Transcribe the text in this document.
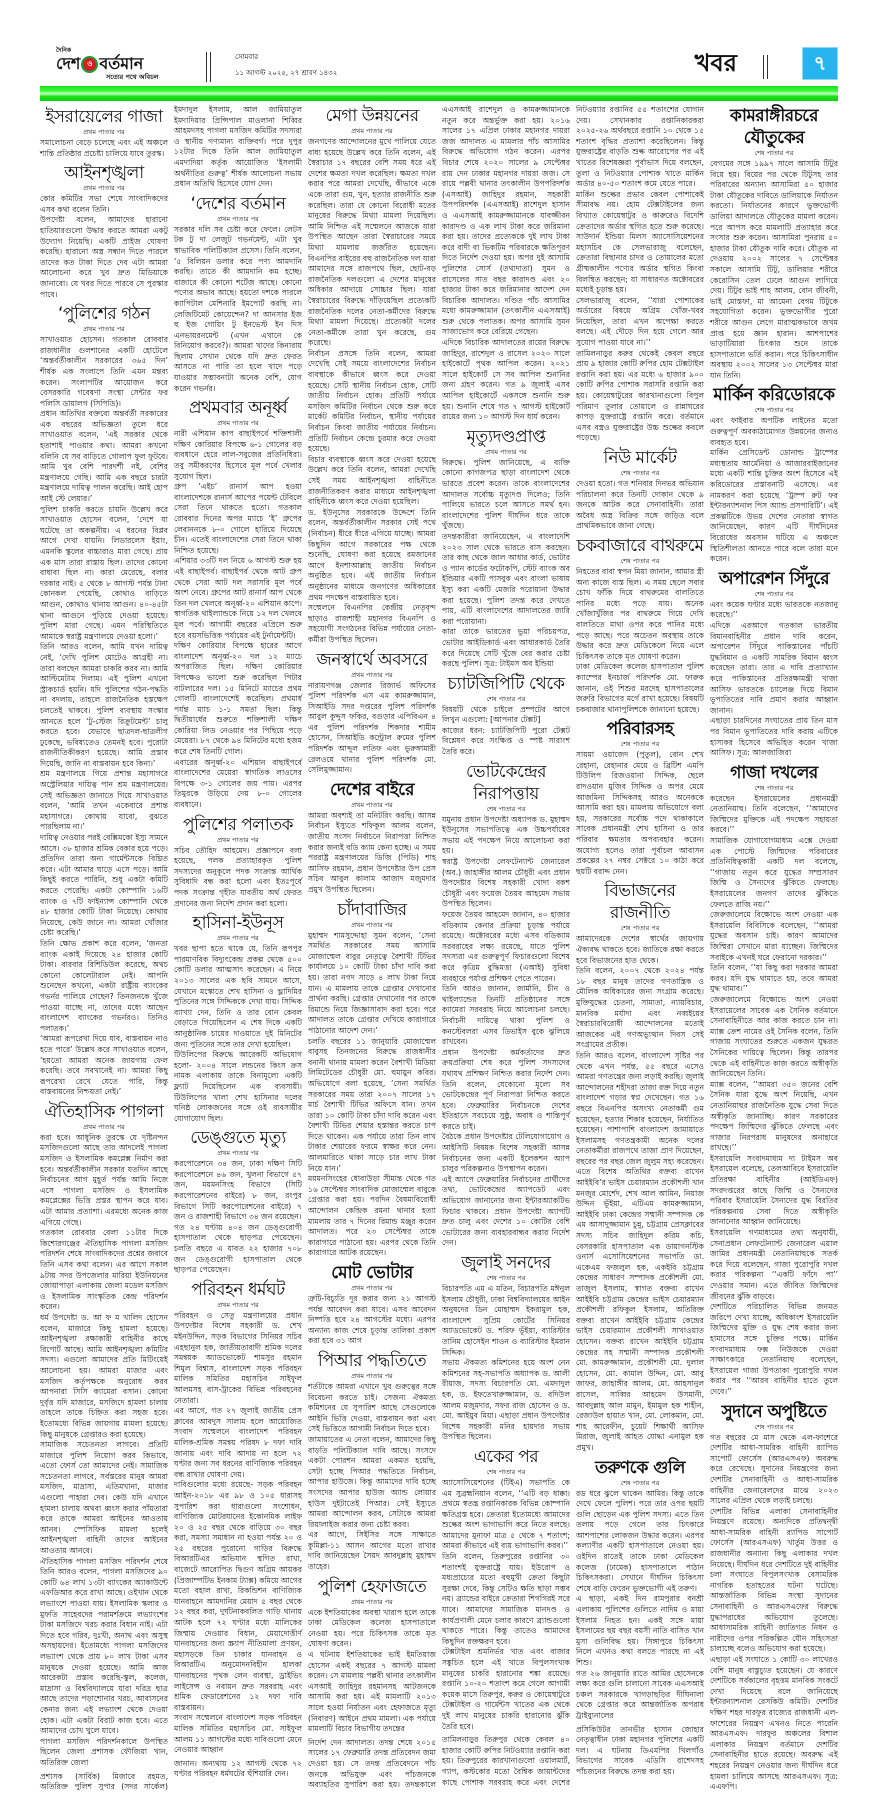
দৈনিক
দেশ ও বর্তমান
সত্যের পথে অবিচল
সোমবার
১১ আগস্ট ২০২৫, ২৭ শ্রাবণ ১৪৩২	খবর	৭
ইসরায়েলের গাজা
প্রথম পাতার পর

সমালোচনা বেড়ে চলেছে এবং এই অঞ্চলে শান্তি প্রতিষ্ঠার প্রচেষ্টা চালিয়ে যাবে তুরস্ক।

আইনশৃঙ্খলা
প্রথম পাতার পর

কোর কমিটির সভা শেষে সাংবাদিকদের এসব কথা বলেন তিনি।
উপদেষ্টা বলেন, আমাদের হারানো হাতিয়ারগুলো উদ্ধার করতে আমরা একটু উদ্যোগ নিয়েছি। একটি প্রাইজ ঘোষণা করেছি। হারানো অস্ত্র সন্ধান দিতে পারলে তাদের কত টাকা দিতে দেব এটা আমরা আলোচনা করে খুব দ্রুত মিডিয়াকে জানাবো। যে খবর দিতে পারবে সে পুরস্কার পাবে।

‘পুলিশের গঠন
প্রথম পাতার পর

সাখাওয়াত হোসেন। গতকাল রোববার রাজধানীর গুলশানের একটি হোটেলে ‘অন্তর্বর্তীকালীন সরকারের ৩৬৫ দিন’ শীর্ষক এক সংলাপে তিনি এমন মন্তব্য করেন। সংলাপটির আয়োজন করে বেসরকারি গবেষণা সংস্থা সেন্টার ফর পলিসি ডায়ালগ (সিপিডি)।
প্রধান অতিথির বক্তব্যে অন্তর্বর্তী সরকারের এক বছরের অভিজ্ঞতা তুলে ধরে সাখাওয়াত বলেন, ‘এই সরকার থেকে হতাশাই পাওয়ার কথা। আমরা কখনো বলিনি যে সব বাড়িতে গোলাপ ফুল ফুটবে। আমি খুব বেশি পারদর্শী নই, বেশির মন্ত্রণালয়ে গেছি। আমি এক বছরে চারটা মন্ত্রণালয়ে দায়িত্ব পালন করেছি। আই হোপ আই স্টে লেয়ার।’
পুলিশ চাকরি করতে চায়নি উল্লেখ করে সাখাওয়াত হোসেন বলেন, ‘দেশে যা ঘটেছে তা অকল্পনীয়। এ ধরনের বিপ্লব আগে দেখা যায়নি। লিডারলেস ইয়াং, এমনকি স্কুলের বাচ্চারাও মারা গেছে। প্রায় এক মাস তারা রাস্তায় ছিল। তাদের কোনো বাধাবা ছিল না। কারা মেরেছে, বলার দরকার নাই। ৫ থেকে ৮ আগস্ট পর্যন্ত টানা কোনকল পেয়েছি, কোথাও বাড়িতে আগুন, কোথাও থানায় আগুন। ৪০-৪৫টা থানা আগুনে পুড়িয়ে দেওয়া হয়েছে। পুলিশ মারা গেছে। এমন পরিস্থিতিতে আমাকে স্বরাষ্ট্র মন্ত্রণালয়ে দেওয়া হলো।’
তিনি আরও বলেন, আমি যখন দায়িত্ব নেই, ‘দেখি পুলিশ মোটেও আগ্রহী না। তারা বলছেন আমরা চাকরি করব না। আমি আল্টিমেটাম দিলাম। এই পুলিশ এখনো স্ট্রাকচার্ড হয়নি। যদি পুলিশের গঠন-পদ্ধতি না বদলায়, তাহলে রাজনৈতিক হস্তক্ষেপ চলতেই থাকবে। পুলিশ ব্যবস্থায় সংস্কার আনতে হলে ‘টু-স্টেজ রিক্রুটমেন্ট’ চালু করতে হবে। যেভাবে ছাত্রদল-ছাত্রলীগ ঢুকেছে, ভবিষ্যতেও তেমনই হবে। পুরোটা রাজনীতিকীকরণ হয়েছে। আমি প্রস্তাব দিয়েছি, জানি না বাস্তবায়ন হবে কিনা।’
শ্রম মন্ত্রণালয়ে গিয়ে প্রশান্ত মহাসাগরে অস্ট্রেলিয়ার দায়িত্ব পান শ্রম মন্ত্রণালয়ের। সেই অভিজ্ঞতা জানাতে গিয়ে সাখাওয়াত বলেন, ‘আমি তখন একেবারে প্রশান্ত মহাসাগরে। কোথায় যাবো, বুঝতে পারছিলাম না।’
দায়িত্ব নেওয়ার পরই বেক্সিমকো ইস্যু সামনে আসে। ৩৮ হাজার শ্রমিক বেকার হয়ে পড়ে। প্রতিদিন তারা অন্য গার্মেন্টসকে বিঘ্নিত করে। এটা আমার ঘাড়ে এসে পড়ে। আমি কিছুই করতে পারিনি, শুধু একটা কমিটি করতে পেরেছি। একটা কোম্পানি ১৬টি ব্যাংক ও ৭টি ফাইন্যান্স কোম্পানি থেকে ৪৮ হাজার কোটি টাকা নিয়েছে। কোথায় নিয়েছে, কেউ জানে না। আমরা খোঁজার চেষ্টা করেছি।’
তিনি ক্ষোভ প্রকাশ করে বলেন, ‘জনতা ব্যাংক একাই দিয়েছে ২৪ হাজার কোটি টাকা। বারবার রিশিডিউল করেছে, অথচ কোনো কোলেটারাল নেই। আপনি শুনেছেন কখনো, একটা রাষ্ট্রীয় ব্যাংকের গভর্নর পালিয়ে গেছেন? তিনজনকে খুঁজে পাওয়া যাচ্ছে না, তাদের মধ্যে আছেন বাংলাদেশ ব্যাংকের গভর্নরও। তিনিও পলাতক।’
‘আমরা রূপরেখা দিয়ে যাব, বাস্তবায়ন নাও হতে পারে’ উল্লেখ করে সাখাওয়াত বলেন, ‘হয়তো আমরা অনেক জায়গায় ফেল করেছি। তবে সবখানেই না। আমরা কিছু রূপরেখা রেখে যেতে পারি, কিন্তু বাস্তবায়নের নিশ্চয়তা নেই।’

ঐতিহাসিক পাগলা
প্রথম পাতার পর

করা হবে। আধুনিক তুরস্কে যে দৃষ্টিনন্দন মসজিদগুলো আছে তার আদলেই পাগলা মসজিদ ও ইসলামিক কমপ্লেক্স নির্মাণ করা হবে। অন্তর্বর্তীকালীন সরকার যতদিন আছে নির্বাচনের আগ মুহূর্ত পর্যন্ত আমি নিজে এসে পাগলা মসজিদ ও ইসলামিক কমপ্লেক্সের ভিত্তি প্রস্তর স্থাপন করে যাব। এটা আমার প্রত্যাশা। এরমধ্যে অনেক কাজ এগিয়ে গেছে।
গতকাল রোববার বেলা ১১টার দিকে কিশোরগঞ্জের ঐতিহাসিক পাগলা মসজিদ পরিদর্শন শেষে সাংবাদিকদের প্রশ্নের জবাবে তিনি এসব কথা বলেন। এর আগে সকাল ৯টায় সদর উপজেলার মারিয়া ইউনিয়নের জোয়াপাড়া এলাকায় জেলা মডেল মসজিদ ও ইসলামিক সাংস্কৃতিক কেন্দ্র পরিদর্শন করেন।
ধর্ম উপদেষ্টা ড. আ ফ ম খালিদ হোসেন বলেন, মাজারে কিছু হামলা হয়েছে। আইনশৃঙ্খলা রক্ষাকারী বাহিনীর কাছে রিপোর্ট আছে। আমি আইনশৃঙ্খলা কমিটির সদস্য। এগুলো আমাদের প্রতি মিটিংয়েই আলোচনা হয়। আমরা মাজার এবং মসজিদ কর্তৃপক্ষকে অনুরোধ করব আপনারা সিসি ক্যামেরা বসান। কোনো দুর্বৃত্ত যদি মাজারে, মসজিদে হামলা চালায় তাহলে তাকে চিহ্নিত করা সহজ হবে। ইতোমধ্যে বিভিন্ন জায়গায় মামলা হয়েছে। কিছু মানুষকে গ্রেপ্তারও করা হয়েছে।
সামাজিক সচেতনতা লাগবে। প্রতিটি মাজারে পুলিশ নিয়োগ করব কিভাবে, এতো ফোর্স তো আমাদের নেই। সামাজিক সচেতনতা লাগবে, সর্বস্তরের মানুষ আমরা মসজিদ, মাদ্রাসা, এতিমখানা, মাজার এগুলো পাহারা দেব। কেউ যদি এখানে হামলা চালায় অথবা ধ্বংস করার পাঁয়তারা করে তাকে আমরা আইনের আওতায় আনব। স্পেসিফিক মামলা হলেই আইনশৃঙ্খলা বাহিনী তাদের আইনের আওতায় আনবে।
ঐতিহাসিক পাগলা মসজিদ পরিদর্শন শেষে তিনি আরও বলেন, পাগলা মসজিদের ৯০ কোটি ৬৪ লাখ ১৩টা ব্যাংকের অ্যাকাউন্টে এফডিআর করে রাখা আছে। ওইখান থেকে লভ্যাংশে পাওয়া যায়। ইসলামিক স্কলার ও মুফতি সাহেবদের পরামর্শক্রমে লভ্যাংশের টাকা মসজিদে খরচ করার বিধান নাই। এটা দিতে হবে গরিব, দুঃখী, অনাথ এবং অসুস্থ অসহায়দের। ইতোমধ্যে পাগলা মসজিদের লভ্যাংশ থেকে প্রায় ৮০ লাখ টাকা এসব মানুষকে দেওয়া হয়েছে। আমি আজ আরেকটা প্রস্তাব করেছি-স্কুল, কলেজ, মাদ্রাসা ও বিশ্ববিদ্যালয়ে যারা দরিদ্র ছাত্র আছে তাদের পড়াশোনার খরচ, আবাসনের কেনার জন্য এই লভ্যাংশ থেকে দেওয়া হোক। এটা একটা বিরাট কাজ হবে। এতে আমাদের চোখ খুলে যাবে।
পাগলা মসজিদ পরিদর্শনকালে উপস্থিত ছিলেন জেলা প্রশাসক ফৌজিয়া খান, অতিরিক্ত জেলা

প্রশাসক (সার্বিক) মিজাবে রহমত, অতিরিক্ত পুলিশ সুপার (সদর সার্কেল) ইমদাদুল ইসলাম, আল জামিয়াতুল ইমদাদিয়ার প্রিন্সিপাল মাওলানা শিব্বির আহমদসহ পাগলা মসজিদ কমিটির সদস্যরা ও স্থানীয় গণ্যমান্য ব্যক্তিবর্গ। পরে দুপুর ১২টার দিকে তিনি আল জামিয়াতুল এমদাদিয়া কর্তৃক আয়োজিত ‘ইসলামী অর্থনীতির গুরুত্ব’ শীর্ষক আলোচনা সভায় প্রধান অতিথি হিসেবে যোগ দেন।

‘দেশের বর্তমান
প্রথম পাতার পর

সরকার দলি সব চেষ্টা করে ফেলে। লেটস টক টু দা লেজুট গভর্নমেন্ট, এটা খুব স্বাভাবিক পলিটিক্যাল প্রসেস। তিনি বলেন, ‘৫ বিলিয়ন ডলার করে পণ্য আমদানি করছি। তাতে কী আমদানি কম হচ্ছে। বাজারে কী কোনো শর্টেজ আছে। কোনো পণ্যের অভাব আছে। হয়তো দশকে পারলে ক্যাপিটাল মেশিনারি ইমপোর্ট করছি না। লেজিটিমেট কোয়েশ্চেন? দা আনসার ইজ হু ইজ গোয়িং টু ইনভেস্ট ইন দিস এনভায়রনমেন্ট (এখন এখানে কে বিনিয়োগ করবে?)। আমরা খাদের কিনারায় ছিলাম সেখান থেকে যদি দ্রুত ফেরত আসতে না পারি তা হলে খাদে পড়ে যাওয়ার সম্ভাবনাটা অনেক বেশি, যোগ করেন গভর্নর।

প্রথমবার অনূর্ধ্ব
প্রথম পাতার পর

নারী এশিয়ান কাপ বাছাইপর্বে শক্তিশালী দক্ষিণ কোরিয়ার বিপক্ষে ৬-১ গোলের বড় ব্যবধানে হেরে লাল-সবুজের প্রতিনিধিরা। তবু সমীকরণের হিসেবে মূল পর্বে খেলার সুযোগ ছিল।
গ্রুপ ‘এইচ’ রানার্স আপ হওয়া বাংলাদেশকে রানার্স আপের পয়েন্ট টেবিলে সেরা তিনে থাকতে হতো। গতকাল রোববার দিনের অপর ম্যাচে ‘ই’ গ্রুপের লেবাননকে ৮-০ গোলে হারিয়ে দিয়েছে চীন। এতেই বাংলাদেশের সেরা তিনে থাকা নিশ্চিত হয়েছে।
এশিয়ার ৩৩টি দল নিয়ে ৬ আগস্ট শুরু হয় এই বাছাইপর্ব। বাছাইপর্ব থেকে আট গ্রুপ থেকে সেরা আট দল সরাসরি মূল পর্বে অংশ নেবে। গ্রুপের আট রানার্স আপ থেকে তিন দল খেলবে অনূর্ধ্ব-২০ এশিয়ান কাপে। স্বাগতিক থাইল্যান্ডকে নিয়ে ১২ দল খেলবে মূল পর্বে। আগামী বছরের এপ্রিলে শুরু হবে বয়সভিত্তিক পর্যায়ের এই টুর্নামেন্টটি।
দক্ষিণ কোরিয়ার বিপক্ষে হারের আগে বাংলাদেশ অনূর্ধ্ব-২০ দল ১২ ম্যাচে অপরাজিত ছিল। দক্ষিণ কোরিয়ার বিপক্ষেও ভালো শুরু করেছিল পিটার বাটলারের দল। ১৫ মিনিটে ম্যাচের প্রথম গোলটি বাংলাদেশেই করেছিল। প্রথমার্ধ পর্যন্ত ম্যাচ ১-১ সমতা ছিল। কিন্তু দ্বিতীয়ার্ধের শুরুতে শক্তিশালী দক্ষিণ কোরিয়া লিড নেওয়ার পর পিছিয়ে পড়ে মেয়েরা। ৮৭ থেকে ৯৪ মিনিটের মধ্যে হজম করে শেষ তিনটি গোল।
এবারের অনূর্ধ্ব-২০ এশিয়ান বাছাইপর্বে বাংলাদেশের মেয়েরা স্বাগতিক লাওসের বিপক্ষে ৩-১ গোলের জয় পায়। এরপর তিমুরকে উড়িয়ে দেয় ৮-০ গোলের ব্যবধানে।

পুলিশের পলাতক
প্রথম পাতার পর

সচিব তৌহিদ আহমেদ। প্রজ্ঞাপনে বলা হয়েছে, পলক প্রত্যাহারকৃত পুলিশ সদস্যদের অনুকূলে পদক সংক্রান্ত আর্থিক সুবিধাদি বন্ধ করা হলো এবং ইতঃপূর্বে পদক সংক্রান্ত গৃহীত যাবতীয় অর্থ ফেরত প্রদানের জন্য নির্দেশ প্রদান করা হলো।

হাসিনা-ইউনূস
প্রথম পাতার পর

খবর ছাপা হতে থাকে যে, তিনি রূপপুর পারমাণবিক বিদ্যুৎকেন্দ্র প্রকল্প থেকে ৫০০ কোটি ডলার আত্মসাৎ করেছেন। এ নিয়ে ২০১৩ সালের এক ছবি সামনে আসে, যেখানে মস্কোতে শেখ হাসিনা ও ভ্লাদিমির পুতিনের সঙ্গে সিদ্দিককে দেখা যায়। সিদ্দিক ব্যাখ্যা দেন, তিনি ও তার বোন কেবল বেড়াতে গিয়েছিলেন এ শেষ দিকে একটি আনুষ্ঠানিক চায়ের দাওয়াতে দুই মিনিটের জন্য পুতিনের সঙ্গে তার দেখা হয়েছিল।
টিউলিপের বিরুদ্ধে আরেকটি অভিযোগ হলো- ২০০৪ সালে লন্ডনের কিংস ক্রস নামক এলাকায় তাকে বিনামূল্যে একটি ফ্ল্যাট দিয়েছিলেন এক ব্যবসায়ী। টিউলিপের খালা শেখ হাসিনার দলের ঘনিষ্ঠ লোকজনের সঙ্গে ওই ব্যবসায়ীর যোগাযোগ ছিল।

ডেঙ্গুতে মৃত্যু
প্রথম পাতার পর

করপোরেশনে ৩৪ জন, ঢাকা দক্ষিণ সিটি করপোরেশনে ৪৬ জন, খুলনা বিভাগে ৫৭ জন, ময়মনসিংহ বিভাগে (সিটি করপোরেশনের বাইরে) ৮ জন, রংপুর বিভাগে সিটি করপোরেশনের বাইরে) ৭ জন ও রাজশাহী বিভাগে ৩৪ জন রয়েছেন।
গত ২৪ ঘণ্টায় ৪০৪ জন ডেঙ্গুরোগী হাসপাতাল থেকে ছাড়পত্র পেয়েছেন। চলতি বছরে এ যাবত ২২ হাজার ৭০৮ জন ডেঙ্গুরোগী হাসপাতাল থেকে ছাড়পত্র পেয়েছেন।

পরিবহন ধর্মঘট
প্রথম পাতার পর

পরিবহন ও সেতু মন্ত্রণালয়ের প্রধান উপদেষ্টার বিশেষ সহকারী ড. শেখ মইনউদ্দিন, সড়ক বিভাগের সিনিয়র সচিব এহছানুল হক, জাতীয়তাবাদী শ্রমিক দলের সমন্বয়ক অ্যাডভোকেট শামসুর রহমান শিমুল বিশ্বাস, বাংলাদেশ সড়ক পরিবহন মালিক সমিতির মহাসচিব সাইফুল আলমসহ বাস-ট্রাকের বিভিন্ন পরিবহনের নেতারা।
এর আগে, গত ২৭ জুলাই জাতীয় প্রেস ক্লাবের আবদুস সালাম হলে আয়োজিত সংবাদ সম্মেলনে বাংলাদেশ পরিবহন মালিক-শ্রমিক সমন্বয় পরিষদ ৮ দফা দাবি জানায় এবং দাবি আদায় না হলে ৭২ ঘণ্টার জন্য সব ধরনের বাণিজ্যিক পরিবহন বন্ধ রাখার ঘোষণা দেয়।
দাবিগুলোর মধ্যে রয়েছে- সড়ক পরিবহন আইন-২০১৮ এর ৯৮ ও ১০৫ ধারাসহ সুপারিশ করা ধারাগুলো সংশোধন, বাণিজ্যিক মোটরযানের ইকোনমিক লাইফ ২০ ও ২৫ বছর থেকে বাড়িয়ে ৩০ বছর করা, সমস্যা সমাধান না হওয়া পর্যন্ত ২০ ও ২৫ বছরের পুরোনো গাড়ির বিরুদ্ধে বিআরটিএর অভিযান স্থগিত রাখা, বাজেটে আরোপিত দ্বিগুণ অগ্রিম আয়কর (প্রিজাম্পটিভ ইনকাম ট্যাক্স) কমিয়ে আগের মতো বহাল রাখা, রিকন্ডিশন বাণিজ্যিক যানবাহনে আমদানির মেয়াদ ৫ বছর থেকে ১২ বছর করা, দুর্ঘটনাকবলিত গাড়ি থানায় আটক হলে ৭২ ঘণ্টার মধ্যে মালিকের জিম্মায় দেওয়ার বিধান, মেয়াদোত্তীর্ণ যানবাহনের জন্য স্ক্র্যাপ নীতিমালা প্রণয়ন, মহাসড়কে তিন চাকার যানবাহন ও বিআরটিএ অনুমোদনবিহীন হালকা যানবাহনের পৃথক লেন ব্যবস্থা, ড্রাইভিং লাইসেন্স ও নবায়ন দ্রুত সরবরাহ এবং শ্রমিক ফেডারেশনের ১২ দফা দাবি বাস্তবায়ন।
সংবাদ সম্মেলনে বাংলাদেশ সড়ক পরিবহন মালিক সমিতির মহাসচিব মো. সাইফুল আলম ১১ আগস্টের মধ্যে দাবিগুলো মেনে নেওয়ার আহ্বান

জানান। অন্যথায় ১২ আগস্ট থেকে ৭২ ঘণ্টার পরিবহন ধর্মঘটের হুঁশিয়ারি দেন।

মেগা উন্নয়নের
প্রথম পাতার পর

জনগণের আন্দোলনের মুখে পালিয়ে যেতে বাধ্য হয়েছে উল্লেখ করে তিনি বলেন, এই স্বৈরাচার ১৭ বছরের বেশি সময় ধরে এই দেশের ক্ষমতা দখল করেছিল। ক্ষমতা দখল করার পরে আমরা দেখেছি, কীভাবে একে একে তারা গুম, খুন, হত্যার রাজনীতি শুরু করেছিল। তারা যে কোনো বিরোধী মতের মানুষের বিরুদ্ধে মিথ্যা মামলা দিয়েছিল। আমি নিশ্চিত এই সম্মেলনে আজকে যারা উপস্থিত আছেন তারা স্বৈরাচারের সময়ে মিথ্যা মামলায় জর্জরিত হয়েছেন। বিএনপির বাইরের বহু রাজনৈতিক দল যারা আমাদের সঙ্গে রাজপথে ছিল, ছোট-বড় রাজনৈতিক দলগুলো এ দেশের মানুষের অধিকার আদায়ে সোচ্চার ছিল। যারা স্বৈরাচারের বিরুদ্ধে দাঁড়িয়েছিল প্রত্যেকটি রাজনৈতিক দলের নেতা-কর্মীদের বিরুদ্ধে মিথ্যা মামলা দিয়েছে। প্রত্যেকটা দলের নেতা-কর্মীকে তারা খুন করেছে, গুম করেছে।
নির্বাচন প্রসঙ্গে তিনি বলেন, আমরা দেখেছি সেই সময়ে বাংলাদেশের নির্বাচন ব্যবস্থাকে কীভাবে ধ্বংস করে দেওয়া হয়েছে। সেটি স্থানীয় নির্বাচন হোক, সেটি জাতীয় নির্বাচন হোক। প্রতিটি পর্যায়ে মসজিদ কমিটির নির্বাচন থেকে শুরু করে মার্কেট কমিটির নির্বাচন, স্থানীয় পর্যায়ের নির্বাচন কিংবা জাতীয় পর্যায়ের নির্বাচন। প্রতিটি নির্বাচন কেন্দ্রে চুরমার করে দেওয়া হয়েছে।
বিচার ব্যবস্থাকে ধ্বংস করে দেওয়া হয়েছে উল্লেখ করে তিনি বলেন, আমরা দেখেছি সেই সময় আইনশৃঙ্খলা বাহিনীতে রাজনীতিকরণ করার মাধ্যমে আইনশৃঙ্খলা বাহিনীকে ধ্বংস করে দেওয়া হয়েছিল।
ড. ইউনূসের সরকারকে উদ্দেশে তিনি বলেন, অন্তর্বর্তীকালীন সরকার সেই পথে (নির্বাচন) ধীরে ধীরে এগিয়ে যাচ্ছে। আমরা কিছুদিন আগে সরকারের পক্ষ থেকে শুনেছি, ঘোষণা করা হয়েছে রমজানের আগে ইনশাআল্লাহ জাতীয় নির্বাচন অনুষ্ঠিত হবে। এই জাতীয় নির্বাচন অনুষ্ঠানের মাধ্যমে জনগণের অধিকারের প্রথম পদক্ষেপ বাস্তবায়িত হবে।
সম্মেলনে বিএনপির কেন্দ্রীয় নেতৃবৃন্দ ছাড়াও রাজশাহী মহানগর বিএনপি ও সহযোগী সংগঠনের বিভিন্ন পর্যায়ের নেতা-কর্মীরা উপস্থিত ছিলেন।

জনস্বার্থে অবসরে
প্রথম পাতার পর

নারায়ণগঞ্জ জেলার রিজার্ভ অফিসের পুলিশ পরিদর্শক এস এম কামরুজ্জামান, সিআইডি সদর দপ্তরের পুলিশ পরিদর্শক আবুল কুদ্দুস ফকির, বগুড়ার এপিবিএন ৪ এর পুলিশ পরিদর্শক শিকদার শামীম হোসেন, সিআইডি কন্ট্রোল রুমের পুলিশ পরিদর্শক আব্দুল লতিফ এবং ভুরুঙ্গামারী রেলওয়ে থানার পুলিশ পরিদর্শক মো. সেলিমুজ্জামান।

দেশের বাইরে
প্রথম পাতার পর

আমরা অবশ্যই তা মনিটরিং করছি। আসন্ন নির্বাচন ইস্যুতে শফিকুল আলম বলেন, জাতীয় সংসদ নির্বাচনে নিরাপত্তা নিশ্চিত করার জন্যই বডি ক্যাম কেনা হচ্ছে। এ সময় পররাষ্ট্র মন্ত্রণালয়ের ডিজি (পিডি) শাহ আসিফ রহমান, প্রধান উপদেষ্টার উপ প্রেস সচিব আবুল কালাম আজাদ মজুমদার প্রমুখ উপস্থিত ছিলেন।

চাঁদাবাজির
প্রথম পাতার পর

মুহাম্মদ শামসুদ্দোহা সুমন বলেন, ‘সেনা সমর্থিত সরকারের সময় আসামি মোজাম্মেল বাবুর নেতৃত্বে বৈশাখী টিভির কার্যালয়ে ১০ কোটি টাকা চাঁদা দাবি করা হয়। তারা নগদ সাড়ে ৪ লাখ টাকা নিয়ে যান। এ মামলায় তাকে গ্রেপ্তার দেখানোর প্রার্থনা করছি। গ্রেপ্তার দেখানোর পর তাকে রিমান্ডে নিয়ে জিজ্ঞাসাবাদ করা হবে। পরে আদালত তাকে গ্রেপ্তার দেখিয়ে কারাগারে পাঠানোর আদেশ দেন।’
চলতি বছরের ১১ জানুয়ারি মোজাম্মেল বাবুসহ তিনজনের বিরুদ্ধে রাজধানীর বনানী থানায় মামলা করেন বৈশাখী মিডিয়া লিমিটেডের চৌধুরী মো. হুমায়ুন কবির। অভিযোগে বলা হয়েছে, ‘সেনা সমর্থিত সরকারের সময় তারা ২০০৭ সালের ১৭ মার্চ বৈশাখী টিভির অফিসে যান। তখন তারা ১০ কোটি টাকা চাঁদা দাবি করেন এবং বৈশাখী টিভির শেয়ার হস্তান্তর করতে চাপ দিতে থাকেন। এক পর্যায়ে তারা তিন লাখ টাকার শেয়ারের ফরমে স্বাক্ষর করে নেন। আলমারিতে থাকা সাড়ে চার লাখ টাকা নিয়ে যান।’
ময়মনসিংহের ধোবাউড়া সীমান্ত থেকে গত ১৬ সেপ্টেম্বর সাংবাদিক মোজাম্মেল বাবুকে গ্রেপ্তার করা হয়। পরদিন বৈষম্যবিরোধী আন্দোলন কেন্দ্রিক রমনা থানার হত্যা মামলায় তার ৭ দিনের রিমান্ড মঞ্জুর করেন আদালত। পরে ২৩ সেপ্টেম্বর তাকে কারাগারে পাঠানো হয়। এরপর থেকে তিনি কারাগারে আটক রয়েছেন।

মোট ভোটার
প্রথম পাতার পর

ত্রুটি-বিচ্যুতি দূর করার জন্য ২১ আগস্ট পর্যন্ত আবেদন করা যাবে। এসব আবেদন নিষ্পত্তি হবে ২৪ আগস্টের মধ্যে। এরপর অন্যান্য কাজ শেষে চূড়ান্ত তালিকা প্রকাশ করা হবে ৩১ আগ

পিআর পদ্ধতিতে
প্রথম পাতার পর

শর্তটাকে আমরা এখানে খুব গুরুত্বের সঙ্গে বিবেচনা করতে চাই। সেজন্য ঐকমত্য কমিশনের যে সুপারিশ আছে সেগুলোকে আইনি ভিত্তি দেওয়া, বাস্তবায়ন করা এবং সেই ভিত্তিতে আগামী নির্বাচন দিতে হবে।
জামায়াতের এ নেতা বলেন, আমাদের কিছু বাড়তি পলিটিক্যাল দাবি আছে। সংসদে একটা পোরশন আমরা একমত হয়েছি, সেটা হচ্ছে পিআর পদ্ধতিতে নির্বাচন, আপার হাউজে। কিন্তু আমাদের দাবি হচ্ছে সংসদের আপার হাউজ অ্যান্ড লোয়ার হাউস দুইটাতেই পিআর। সেই ইস্যুতে আমরা আন্দোলন করব, সেটাকে আমরা রিয়ালাইজ করার জন্য চেষ্টা করব।
এর আগে, সিইসির সঙ্গে সাক্ষাতে কুমিল্লা-১১ আসন আগের মতো রাখার দাবি জানিয়েছেন সৈয়দ আবদুল্লাহ মুহাম্মদ তাহের।

পুলিশ হেফাজতে
প্রথম পাতার পর

একে ইশতিয়াকের অবস্থা খারাপ হলে তাকে ঢাকা মেডিকেল কলেজ হাসপাতালে নেওয়া হয়। পরে চিকিৎসক তাকে মৃত ঘোষণা করেন।
এ ঘটনায় ইশতিয়াকের ভাই ইমতিয়াজ হোসেন একই বছরের ৭ আগস্ট মামলা করেন। সে মামলায় পল্লবী থানার তৎকালীন এসআই জাহিদুর রহমানসহ আটজনকে আসামি করা হয়। এই মামলাটি ২০১৩ সালে হওয়া নির্যাতন এবং হেফাজতে মৃত্যু (নিবারণ) আইনে প্রথম মামলা। এক পর্যায়ে মামলাটি বিচার বিভাগীয় তদন্তের

নির্দেশ দেন আদালত। তদন্ত শেষে ২০১৫ সালের ১৭ ফেব্রুয়ারি তদন্ত প্রতিবেদন জমা দেওয়া হয়। সে তদন্ত প্রতিবেদনে পাঁচ জনকে অভিযুক্ত এবং পাঁচজনকে অব্যাহতির সুপারিশ করা হয়। তদন্তকালে এএসআই রাশেদুল ও কামরুজ্জামানকে নতুন করে অন্তর্ভুক্ত করা হয়। ২০১৬ সালের ১৭ এপ্রিল ঢাকার মহানগর দায়রা জজ আদালত এ মামলার পাঁচ আসামির বিরুদ্ধে অভিযোগ গঠন করেন। এরপর বিচার শেষে ২০২০ সালের ৯ সেপ্টেম্বর রায় দেন ঢাকার মহানগর দায়রা জজ। সে রায়ে পল্লবী থানার তৎকালীন উপপরিদর্শক (এসআই) জাহিদুর রহমান, সহকারী উপপরিদর্শক (এএসআই) রাশেদুল হাসান ও এএসআই কামরুজ্জামানকে যাবজ্জীবন কারাদণ্ড ও এক লাখ টাকা করে জরিমানা করা হয়। তাদের প্রত্যেককে দুই লাখ টাকা করে বাদী বা ভিকটিম পরিবারকে ক্ষতিপূরণ দিতে নির্দেশ দেওয়া হয়। অপর দুই আসামি পুলিশের সোর্স (তথ্যদাতা) সুমন ও রাসেলের সাত বছর কারাদণ্ড এবং ২০ হাজার টাকা করে জরিমানার আদেশ দেন বিচারিক আদালত। দণ্ডিত পাঁচ আসামির মধ্যে কামরুজ্জামান (তৎকালীন এএসআই) শুরু থেকে পলাতক। অপর আসামি সুমন সাজাভোগ করে বেরিয়ে গেছেন।
এদিকে বিচারিক আদালতের রায়ের বিরুদ্ধে জাহিদুর, রাশেদুল ও রাসেল ২০২০ সালে হাইকোর্টে পৃথক আপিল করেন। ২০২১ সালে হাইকোর্ট সে সব আপিল শুনানির জন্য গ্রহণ করেন। গত ৯ জুলাই এসব আপিল হাইকোর্টে একসঙ্গে শুনানি শুরু হয়। শুনানি শেষে গত ৭ আগস্ট হাইকোর্ট রায়ের জন্য ১০ আগস্ট দিন ধার্য করেন।

মৃত্যুদণ্ডপ্রাপ্ত
প্রথম পাতার পর

বিরুদ্ধে। পুলিশ জানিয়েছে, এ ব্যক্তি কোনো কাগজপত্র ছাড়া বাংলাদেশ থেকে ভারতে প্রবেশ করেন। তাকে বাংলাদেশের আদালত সর্বোচ্চ মৃত্যুদণ্ড দিলেও; তিনি পালিয়ে ভারতে চলে আসতে সমর্থ হন। বাংলাদেশের পুলিশ দীর্ঘদিন ধরে তাকে খুঁজছে।
তদন্তকারীরা জানিয়েছেন, এ বাংলাদেশি ২০২৩ সাল থেকে ভারতে বাস করছেন। তার কাছ থেকে জাল আধার কার্ড, ভোটার ও প্যান কার্ডের ফটোকপি, স্টেট ব্যাংক অব ইন্ডিয়ার একটি পাসবুক এবং বাংলা ভাষায় ইস্যু করা একটি মেজরি পরোয়ানা উদ্ধার করা হয়েছে। পুলিশ তদন্ত করে দেখতে পায়, এটি বাংলাদেশের আদালতের জারি করা পরোয়ানা।
কারা তাকে ভারতের ভুয়া পরিচয়পত্র, ভোটার আইডিকার্ড এবং আধারকার্ড তৈরি করে দিয়েছে সেটি খুঁজে বের করার চেষ্টা করছে পুলিশ। সূত্র: টাইমস অব ইন্ডিয়া

চ্যাটজিপিটি থেকে
শেষ পাতার পর

বিষয়টি থেকে চাইলে প্রম্পটের আগে লিখুন এগুলো: [আপনার টেক্সট]
কাজের ধরন: চ্যাটজিপিটি পুরো টেক্সট বিশ্লেষণ করে সংক্ষিপ্ত ও স্পষ্ট সারাংশ তৈরি করে।

ভোটকেন্দ্রের নিরাপত্তায়
শেষ পাতার পর

যমুনায় প্রধান উপদেষ্টা অধ্যাপক ড. মুহাম্মদ ইউনূসের সভাপতিত্বে এক উচ্চপর্যায়ের সভায় এই পদক্ষেপ নিয়ে আলোচনা করা হয়।
স্বরাষ্ট্র উপদেষ্টা লেফটেন্যান্ট জেনারেল (অব.) জাহাঙ্গীর আলম চৌধুরী এবং প্রধান উপদেষ্টার বিশেষ সহকারী খোদা বকশ চৌধুরী এবং ফয়েজ তৈয়ব আহমেদ সভায় উপস্থিত ছিলেন।
ফয়েজ তৈয়ব আহমেদ জানান, ৪০ হাজার বডিক্যাম কেনার প্রক্রিয়া চূড়ান্ত পর্যায়ে রয়েছে। অক্টোবরের মধ্যে এসব বডিক্যাম সরবরাহের লক্ষ্য রয়েছে, যাতে পুলিশ সদস্যরা এর গুরুত্বপূর্ণ ফিচারগুলো বিশেষ করে কৃত্রিম বুদ্ধিমত্তা (এআই) সুবিধা ব্যবহারে পর্যাপ্ত প্রশিক্ষণ পেতে পারেন।
তিনি আরও জানান, জার্মানি, চীন ও থাইল্যান্ডের তিনটি প্রতিষ্ঠানের সঙ্গে ক্যামেরা সরবরাহ নিয়ে আলোচনা চলছে। নির্বাচনী দায়িত্বে থাকা পুলিশ ও কনস্টেবলরা এসব ডিভাইস বুকে ঝুলিয়ে রাখবেন।
প্রধান উপদেষ্টা কর্মকর্তাদের দ্রুত ক্রয়প্রক্রিয়া শেষ করে পুলিশ সদস্যদের যথাযথ প্রশিক্ষণ নিশ্চিত করার নির্দেশ দেন। তিনি বলেন, যেকোনো মূল্যে সব ভোটকেন্দ্রের পূর্ণ নিরাপত্তা নিশ্চিত করতে হবে। ফেব্রুয়ারির নির্বাচনকে দেশের ইতিহাসে সবচেয়ে সুষ্ঠু, অবাধ ও শান্তিপূর্ণ করতে চাই।
বৈঠকে প্রধান উপদেষ্টার টেলিযোগাযোগ ও আইসিটি বিষয়ক বিশেষ সহকারী আসন্ন নির্বাচনের জন্য একটি ইলেকশন অ্যাপ চালুর পরিকল্পনাও উপস্থাপন করেন।
এই অ্যাপে ফেব্রুয়ারির নির্বাচনের প্রার্থীদের তথ্য, ভোটকেন্দ্রের অ্যাপডেট এবং অভিযোগ জানানোর জন্য ইন্টারঅ্যাকটিভ ফিচার থাকবে। প্রধান উপদেষ্টা অ্যাপটি দ্রুত চালু এবং দেশের ১০ কোটির বেশি ভোটারের জন্য ব্যবহারবান্ধব করার নির্দেশ দেন।

জুলাই সনদের
শেষ পাতার পর

বিচারপতি এম এ মতিন, বিচারপতি মঈনুল ইসলাম চৌধুরী, ঢাকা বিশ্ববিদ্যালয়ের আইন অনুষদের ডিন মোহাম্মদ ইকরামুল হক, বাংলাদেশ সুপ্রিম কোর্টের সিনিয়র অ্যাডভোকেট ড. শরিফ ভূঁইয়া, ব্যারিস্টার তানিম হোসেইন শাওন ও ব্যারিস্টার ইমরান সিদ্দিক।
সভায় ঐকমত্য কমিশনের হয়ে অংশ নেন কমিশনের সহ-সভাপতি অধ্যাপক ড. আলী রীয়াজ, সদস্য বিচারপতি মো. এমদাদুল হক, ড. ইফতেখারুজ্জামান, ড. বদিউল আলম মজুমদার, সফর রাজ হোসেন ও ড. মো. আইয়ুব মিয়া। এছাড়া প্রধান উপদেষ্টার বিশেষ সহকারী মনির হায়দার সভায় উপস্থিত ছিলেন।

একের পর
শেষ পাতার পর

অ্যাসোসিয়েশনের (টিইএ) সভাপতি কে এম সুব্রহ্মনিয়ান বলেন, ‘‘এটি বড় ধাক্কা। প্রথমে স্বতন্ত্র রপ্তানিকারক বিভিন্ন কোম্পানি ক্ষতিগ্রস্ত হবে। ক্রেতারা ইতোমধ্যে আমাদের শুল্কের অংশ ভাগাভাগি করে নিতে বলছে। আমাদের মুনাফা মাত্র ৫ থেকে ৭ শতাংশ; আমরা কীভাবে এই ব্যয় ভাগাভাগি করব।’’
তিনি বলেন, তিরুপুরের রপ্তানির ৩০ শতাংশই যুক্তরাষ্ট্রে যায়। ইউরোপ ও মধ্যপ্রাচ্যের মতো বহুমুখী ক্রেতা কিছুটা সুরক্ষা দেবে, কিন্তু সেটিও ক্ষতি ছাড়া সম্ভব নয়। ব্র্যান্ডের বাইরে ক্রেতারা শিগগিরই সরে যাবে। আমাদের সামাজিক মানদণ্ড ও কার্যপ্রণালী মেনে চলার কারণে ব্র্যান্ডগুলো থাকতে পারে। কিন্তু তাতেও আমাদের কিছুদিন রক্তক্ষরণ হবে।
টেক্সটাইল শ্রমনির্ভর খাত এবং বাজার সঙ্কুচিত হলে এই খাতে বিপুলসংখ্যক মানুষের চাকরি হারানোর শঙ্কা রয়েছে। রপ্তানি ১০-২০ শতাংশ কমে গেলে আগামী কয়েক মাসে তিরুপুর, করুর ও কোয়েম্বাটুরে টেক্সটাইল ও গার্মেন্টস খাতের এক থেকে দুই লাখ মানুষের চাকরি হারানোর ঝুঁকি তৈরি হবে।

তামিলনাড়ুর তিরুপুর থেকে কেবল ৪০ হাজার কোটি রুপির নিটওয়্যার রপ্তানি করা হয়। তিরুপুরের কারখানাগুলো ওয়ালমার্ট, গ্যাপ, কস্টকোর মতো বৈশ্বিক জায়ান্টদের কাছে পোশাক সরবরাহ করে এবং দেশের নিটওয়্যার রপ্তানির ৫৫ শতাংশের যোগান দেয়। সেখানকার রপ্তানিকারকরা ২০২৫-২৬ অর্থবছরে রপ্তানি ১০ থেকে ১৫ শতাংশ বৃদ্ধির প্রত্যাশা করেছিলেন। কিন্তু যুক্তরাষ্ট্রের বাড়তি শুল্ক আরোপের পর এই খাতের বিশেষজ্ঞরা পূর্বাভাস দিয়ে বলছেন, তুলা ও নিটওয়্যার পোশাক খাতে মার্কিন অর্ডার ৪০-৫০ শতাংশ কমে যেতে পারে।
মার্কিন শুল্কের প্রভাব কেবল পোশাকেই সীমাবদ্ধ নয়। হোম টেক্সটাইলের জন্য বিখ্যাত কোয়েম্বাটুর ও কারুরেও বিদেশি ক্রেতাদের অর্ডার স্থগিত হতে শুরু করেছে। সাউদার্ন ইন্ডিয়া মিলস অ্যাসোসিয়েশনের মহাসচিব কে সেলভারাজু বলেছেন, ক্রেতারা বিছানার চাদর ও তোয়ালের মতো গ্রীষ্মকালীন পণ্যের অর্ডার স্থগিত কিংবা বিলম্বিত করছেন; যা সাধারণত অক্টোবরের মধ্যেই চূড়ান্ত হয়।
সেলভারাজু বলেন, ‘‘যারা পোশাকের অর্ডারের বিষয়ে অগ্রিম খোঁজ-খবর নিয়েছিল, তারা এখন অপেক্ষা করতে বলছে। এই দৌড়ে দিন হয়ে গেলে আর সুযোগ পাওয়া যাবে না।’’
তামিলনাড়ুর করুর থেকেই কেবল বছরে প্রায় ৯ হাজার কোটি রুপির হোম টেক্সটাইল রপ্তানি করা হয়। এর মধ্যে ৬ হাজার ৯০০ কোটি রুপির পোশাক সরাসরি রপ্তানি করা হয়। কোয়েম্বাটুরের কারখানাগুলো বিপুল পরিমাণ তুলার তোয়ালে ও রান্নাঘরের কাপড় যুক্তরাষ্ট্রে রপ্তানি করে। বর্তমানে এসব বস্ত্রও যুক্তরাষ্ট্রের উচ্চ শুল্কের কবলে পড়েছে।

নিউ মার্কেট
শেষ পাতার পর

দেওয়া হতো। গত শনিবার দিনভর অভিযান পরিচালনা করে তিনটি দোকান থেকে ৯ জনকে আটক করে সেনাবাহিনী। তারা অবৈধ অস্ত্র বিক্রির সঙ্গে জড়িত বলে প্রাথমিকভাবে জানা গেছে।

চকবাজারে বাথরুমে
শেষ পাতার পর

নিহতের বাবা স্বপন মিয়া জানান, আমার স্ত্রী অন্য কাজে ব্যস্ত ছিল। এ সময় ছেলে সবার চোখ ফাঁকি দিয়ে বাথরুমের বালতিতে পানির মধ্যে পড়ে যায়। অনেক খোঁজাখুঁজির পর বাথরুমে গিয়ে দেখি বালতিতে মাথা ওপর করে পানির মধ্যে পড়ে আছে। পরে অচেতন অবস্থায় তাকে উদ্ধার করে দ্রুত মেডিকেলে নিয়ে এলে চিকিৎসক তাকে মৃত ঘোষণা করেন।
ঢাকা মেডিকেল কলেজ হাসপাতাল পুলিশ ক্যাম্পের ইনচার্জ পরিদর্শক মো. ফারুক জানান, ওই শিশুর মরদেহ হাসপাতালের জরুরি বিভাগের মর্গে রাখা হয়েছে। বিষয়টি চকবাজার থানাপুলিশকে জানানো হয়েছে।

পরিবারসহ
শেষ পাতার পর

সায়মা ওয়াজেদ (পুতুল), বোন শেখ রেহানা, রেহানার মেয়ে ও ব্রিটিশ এমপি টিউলিপ রিজওয়ানা সিদ্দিক, ছেলে রাদওয়ান মুজিব সিদ্দিক ও অপর মেয়ে আজমিনা সিদ্দিকসহ আরও অনেককে আসামি করা হয়। মামলায় অভিযোগে বলা হয়, সরকারের সর্বোচ্চ পদে থাকাকালে সাবেক প্রধানমন্ত্রী শেখ হাসিনা ও তার পরিবার ক্ষমতার অপব্যবহার করেন। অযোগ্য হলেও তারা পূর্বাচল আবাসন প্রকল্পের ২৭ নম্বর সেক্টরে ১০ কাঠা করে ছয়টি বরাদ্দ নেন।

বিভাজনের রাজনীতি
শেষ পাতার পর

আমাদেরকে দেশের স্বার্থের জায়গায় ঐক্যবদ্ধ থাকতে হবে। জাতিকে রক্ষা করতে হবে বিভাজনের হাত থেকে।
তিনি বলেন, ২০০৭ থেকে ২০২৪ পর্যন্ত ১৮ বছর মানুষ তাদের গণতান্ত্রিক ও মৌলিক অধিকারের জন্য সংগ্রাম করেছে। মুক্তিযুদ্ধের চেতনা, সাম্যতা, ন্যায়বিচার, মানবিক মর্যাদা এবং নব্বইয়ের স্বৈরাচারবিরোধী আন্দোলনের মতোই আজকের এই গণঅভ্যুত্থান দিবস সেই সংগ্রামের প্রতীক।
তিনি আরও বলেন, বাংলাদেশ সৃষ্টির পর থেকে এখন পর্যন্ত, ৫৫ বছরে এসেও আমরা গণতন্ত্রের জন্য লড়াই করছি। জুলাই আন্দোলনের শহীদরা তাজা রক্ত দিয়ে নতুন বাংলাদেশ গড়ার স্বপ্ন দেখেছেন। গত ১৬ বছরে বিএনপির অসংখ্য নেতাকর্মী গুম হয়েছেন, হত্যার শিকার হয়েছেন, নির্যাতিত হয়েছেন। পাশাপাশি বাংলাদেশ জামায়াতে ইসলামসহ গণতন্ত্রকামী অনেক দলের নেতাকর্মীরা রাজপথে তাজা প্রাণ দিয়েছেন, বছরের পর বছর জেল জুলুম সহ্য করেছেন।
এতে বিশেষ অতিথির বক্তব্য রাখেন আইইবি’র ভাইস চেয়ারম্যান প্রকৌশলী খান মনজুর মোর্শেদ, শেখ আল আমিন, নিয়াজ উদ্দিন ভূঁইয়া, এটিএম কামরুজ্জামান, আইইবি ঢাকা কেন্দ্রের সম্মানী সম্পাদক কে এম আসাদুজ্জামান চুন্নু, চট্টগ্রাম প্রেসক্লাবের সদস্য সচিব জাহিদুল করিম কচি, বেসরকারি হাসপাতাল এক ডায়াগনস্টিক ওনার্স এসোসিয়েশনের সভাপতি ডা. একেএম ফজলুল হক, একইবি চট্টগ্রাম কেন্দ্রের সাধারণ সম্পাদক প্রকৌশলী মো. তাজুল ইসলাম, স্বাগত বক্তব্য রাখেন আইইবি চট্টগ্রাম কেন্দ্রের ভাইস চেয়ারম্যান প্রকৌশলী রফিকুল ইসলাম, অতিরিক্ত বক্তব্য রাখেন আইইবি চট্টগ্রাম কেন্দ্রের ভাইস চেয়ারম্যান প্রকৌশলী সাখাওয়াত হোসেন। বক্তব্য রাখেন আইইবি চট্টগ্রাম কেন্দ্রের সহ সম্মানী সম্পাদক প্রকৌশলী মো. কামরুজ্জামান, প্রকৌশলী মো. দুলাল হোসেন, মো. কামাল উদ্দিন, মো. আবু জাফর, জাহাঙ্গীর আলম, মো. আহসানুল রাসেল, সাব্বির আহমেদ উসমানী, আবদুল্লাহ আল মামুন, ইমামুল হক শাহীন, রেজাউল হায়াত খান, মো. লোকমান, মো. শাহ আরেফীন, চুয়েট শিক্ষার্থী আসিফ মিরাজ, জুলাই আহত যোদ্ধা এনামুল হক প্রমুখ।

তরুণকে গুলি
শেষ পাতার পর

রড ধরে ঝুলে থাকেন আমির। কিন্তু তাকে দেখে ফেলে পুলিশ। পরে তার ওপর ছয়টি গুলি ছোড়েন এক পুলিশ সদস্য। এতে তিন তলায় পড়ে গেলে তার চিৎকারে আশপাশের লোকজন উদ্ধার করেন। এরপর কল্যাণীর একটি হাসপাতালে নেওয়া হয়। ওইদিন রাতেই তাকে ঢাকা মেডিকেল কলেজ (ঢামেক) হাসপাতালে পাঠান চিকিৎসকরা। সেখানে দীর্ঘদিন চিকিৎসা শেষে বাড়ি ফেরেন ভুক্তভোগী এই তরুণ।
এ ছাড়া, একই দিন রামপুরার বনশ্রী এলাকায় পুলিশের গুলিতে নাদিম ও মায়া ইসলাম নিহত হন। একই সঙ্গে মায়া ইসলামের ছয় বছর বয়সী নাতি বাসিত খান মুসা গুলিবিদ্ধ হয়। সিঙ্গাপুরে চিকিৎসা নিলে এখনও কথা বলতে পারছে না এই শিশু।
গত ২৬ জানুয়ারি রাতে আমির হোসেনকে লক্ষ্য করে গুলি চালানো সাবেক এএসআই চঞ্চল সরকারকে খাগড়াছড়ির দীঘিনালা থেকে গ্রেপ্তার করে আন্তর্জাতিক অপরাধ ট্রাইব্যুনালের

প্রসিকিউটর তানভীর হাসান জোহার নেতৃত্বাধীন ঢাকা মহানগর পুলিশের একটি দল। এ ঘটনায় ডিএমপির খিলগাঁও বিভাগের সাবেক এডিসি রাশেদসহ পাঁচজনের বিরুদ্ধে তদন্ত করা হয়।

কামরাঙ্গীরচরে যৌতুকের
শেষ পাতার পর

বেগমের সঙ্গে ১৯৯৭ সালে আসামি টিটুর বিয়ে হয়। বিয়ের পর থেকে টিটুসহ তার পরিবারের অন্যান্য আসামিরা ৫০ হাজার টাকা যৌতুকের দাবিতে ডালিয়াকে নির্যাতন করতো। নির্যাতনের কারণে ভুক্তভোগী ডালিয়া আদালতে যৌতুকের মামলা করেন। পরে আপস করে মামলাটি প্রত্যাহার করে সংসার শুরু করেন। আসামিরা পুনরায় ৫০ হাজার টাকা যৌতুক দাবি করে। যৌতুক না দেওয়ায় ২০০২ সালের ৭ সেপ্টেম্বর সকালে আসামি টিটু, ডালিয়ার শরীরে কেরোসিন তেল ঢেলে আগুন লাগিয়ে দেয়। টিটুর ভাই শাহ আলম, বোন জীবনী, ভাই মোস্তফা, মা আমেনা বেগম টিটুকে সহযোগিতা করেন। ভুক্তভোগীর পুরো শরীরে আগুন লেগে মারাত্মকভাবে জখম প্রাপ্ত হয়ে জ্ঞান হারান। আশপাশের ভাড়াটিয়ারা চিৎকার শুনে তাকে হাসপাতালে ভর্তি করান। পরে চিকিৎসাধীন অবস্থায় ২০০২ সালের ১৩ সেপ্টেম্বর মারা যান তিনি।

মার্কিন করিডোরকে
শেষ পাতার পর

এবং ফাইবার অপটিক লাইনের মতো গুরুত্বপূর্ণ অবকাঠামোগত উন্নয়নের জন্যও ব্যবহৃত হবে।
মার্কিন প্রেসিডেন্ট ডোনাল্ড ট্রাম্পের মধ্যস্থতায় আর্মেনিয়া ও আজারবাইজানের মধ্যে একটি শান্তি চুক্তির অংশ হিসেবে এই করিডোরের প্রস্তাবনাটি এসেছে। এর নামকরণ করা হয়েছে ‘ট্রাম্প রুট ফর ইন্টারন্যাশনাল পিস অ্যান্ড প্রসপারিটি’। এই প্রকল্পটিকে উভয় দেশের নেতারা স্বাগত জানিয়েছেন, কারণ এটি দীর্ঘদিনের বিরোধের অবসান ঘটিয়ে এ অঞ্চলে স্থিতিশীলতা আনতে পারে বলে তারা মনে করেন।

অপারেশন সিঁদুরে
শেষ পাতার পর

এবং কয়েক ঘণ্টার মধ্যে ভারতকে নতজানু করেছে।’’
এদিকে এরআগে গতকাল ভারতীয় বিমানবাহিনীর প্রধান দাবি করেন, অপারেশন সিঁদুরে পাকিস্তানের পাঁচটি যুদ্ধবিমান ও একটি সামরিক বিমান ধ্বংস করেছেন তারা। তার এ দাবি প্রত্যাখ্যান করে পাকিস্তানের প্রতিরক্ষামন্ত্রী খাজা আসিফ ভারতকে চ্যালেঞ্জ দিয়ে বিমান ভূপাতিতের দাবি প্রমাণ করার আহ্বান জানান।
এছাড়া চারদিনের সংঘাতের প্রায় তিন মাস পর বিমান ভূপাতিতের দাবি করায় এটিকে হাস্যকর হিসেবে অভিহিত করেন খাজা আসিফ। সূত্র: আলজাজিরা

গাজা দখলের
শেষ পাতার পর

করেছেন ইসরায়েলের প্রধানমন্ত্রী নেতানিয়াহু। তিনি বলেছেন, ‘‘আমাদের জিম্মিদের মুক্তিকে এই পদক্ষেপ সহায়তা করবে।’’
সামাজিক যোগাযোগমাধ্যম এক্সে দেওয়া এক পোস্টে জিম্মিদের পরিবারের প্রতিনিধিত্বকারী একটি দল বলেছে, ‘‘গাজায় নতুন করে যুদ্ধের সম্প্রসারণ জিম্মি ও সৈন্যদের ঝুঁকিতে ফেলছে। ইসরায়েলের জনগণ তাদের ঝুঁকিতে ফেলতে রাজি নয়।’’
জেরুজালেমে বিক্ষোভে অংশ নেওয়া এক ইসরায়েলি বিবিসিকে বলেছেন, ‘‘আমরা যুদ্ধের অবসান চাই। কারণ আমাদের জিম্মিরা সেখানে মারা যাচ্ছেন। জিম্মিদের সবাইকে এখনই ঘরে ফেরানো দরকার।’’
তিনি বলেন, ‘‘যা কিছু করা দরকার আমরা করব। যদি যুদ্ধ থামাতে হয়, তবে আমরা যুদ্ধ থামাব।’’
জেরুজালেমে বিক্ষোভে অংশ নেওয়া ইসরায়েলের সাবেক এক সৈনিক বর্তমানে সেনাবাহিনীতে আর কাজ করতে চান না। ম্যাক্স ক্রেশ নামের ওই সৈনিক বলেন, তিনি গাজায় সংঘাতের শুরুতে একজন যুদ্ধরত সৈনিকের দায়িত্বে ছিলেন। কিন্তু তারপর থেকে এই বাহিনীতে কাজ করতে অস্বীকৃতি জানিয়েছেন তিনি।
ম্যাক্স বলেন, ‘‘আমরা ৩৫০ জনের বেশি সৈনিক যারা যুদ্ধে অংশ নিয়েছি, এখন নেতানিয়াহুর রাজনৈতিক যুদ্ধে সেবা দিতে অস্বীকৃতি জানাচ্ছি। কারণ সরকারের পদক্ষেপ জিম্মিদের ঝুঁকিতে ফেলছে এবং গাজার নিরপরাধ মানুষদের অনাহারে রাখছে।’’
ইসরায়েলি সংবাদমাধ্যম দ্য টাইমস অব ইসরায়েল বলেছে, তেলআবিবে ইসরায়েলি প্রতিরক্ষা বাহিনীর (আইডিএফ) সদরদপ্তরের কাছে জিম্মি ও সৈন্যদের পরিবার ইসরায়েলি সৈন্যদের যুদ্ধ বিরতির পরিকল্পনায় সেবা দিতে অস্বীকৃতি জানানোর আহ্বান জানিয়েছে।
ইসরায়েলি গণমাধ্যমের তথ্য অনুযায়ী, সেনাপ্রধান লেফটেন্যান্ট জেনারেল এয়াল জামির প্রধানমন্ত্রী নেতানিয়াহুকে সতর্ক করে দিয়ে বলেছেন, গাজা পুরোপুরি দখল করার পরিকল্পনা ‘‘একটি ফাঁদে পা’’ দেওয়ার সমান। এতে জীবিত জিম্মিদের জীবনের ঝুঁকি বাড়বে।
দেশটিতে পরিচালিত বিভিন্ন জনমত জরিপে দেখা যাচ্ছে, অধিকাংশ ইসরায়েলি জিম্মিদের মুক্তি ও যুদ্ধ শেষ করার জন্য হামাসের সঙ্গে চুক্তির পক্ষে। মার্কিন সংবাদমাধ্যম ফক্স নিউজকে দেওয়া সাক্ষাৎকারে নেতানিয়াহু বলেছেন, ইসরায়েল গাজা উপত্যকা পুরোপুরি দখল করার পর ‘‘আরব বাহিনীর হাতে তুলে দেবে।’’

সুদানে অপুষ্টিতে
শেষ পাতার পর

গত বছরের মে মাস থেকে এল-ফাশেরে দেশটির আধা-সামরিক বাহিনী র‍্যাপিড সাপোর্ট ফোর্সেস (আরএসএফ) অবরুদ্ধ করে রেখেছে। সুদানের নিয়ন্ত্রণের জন্য দেশটির সেনাবাহিনী ও আধা-সামরিক বাহিনীর জেনারেলদের মাঝে ২০২৩ সালের এপ্রিল থেকে লড়াই চলছে।
দেশটির বিভিন্ন এলাকা সেনাবাহিনীর নিয়ন্ত্রণে রয়েছে। অন্যদিকে প্রতিদ্বন্দ্বী আধা-সামরিক বাহিনী র‍্যাপিড সাপোর্ট ফোর্সেস (আরএসএফ) খার্তুম উত্তর ও রাজধানীর অন্যান্য কিছু এলাকার দখল নিয়েছে। দীর্ঘদিন ধরে দেশটিতে দুই বাহিনীর চলা সংঘাতে বিপুলসংখ্যক বেসামরিক নাগরিক হতাহতের ঘটনা ঘটেছে। আন্তর্জাতিক বিভিন্ন সংস্থা সুদানের সেনাবাহিনী ও আরএসএফের বিরুদ্ধে যুদ্ধাপরাধের অভিযোগ তুলেছে। আধাসামরিক বাহিনী জাতিগত নিধন ও নারীদের ওপর পরিকল্পিত যৌন সহিংসতা চালাচ্ছে বলেও অভিযোগ করা হয়েছে।
এছাড়া এই সংঘাতে ১ কোটি ৩০ লাখেরও বেশি মানুষ বাস্তুচ্যুত হয়েছেন। যে কারণে দেশটিকে সর্বকালের বৃহত্তম মানবিক সংকটে দেখা দিয়েছে বলে জানিয়েছে ইন্টারন্যাশনাল রেসকিউ কমিটি। দেশটির দক্ষিণ শহর দারফুর রাজ্যের রাজধানী এল-ফাশেরের নিয়ন্ত্রণ এখনও নিতে পারেনি আরএসএফ। দারফুর অঞ্চলের বিশাল এলাকার নিয়ন্ত্রণ বর্তমানে দেশটির সেনাবাহিনীর হাতে রয়েছে। অবরুদ্ধ এই শহরের নিয়ন্ত্রণ নেওয়ার জন্য দীর্ঘদিন ধরে হামলা চালিয়ে আসছে আরএসএফ। সূত্র: এএফপি।
